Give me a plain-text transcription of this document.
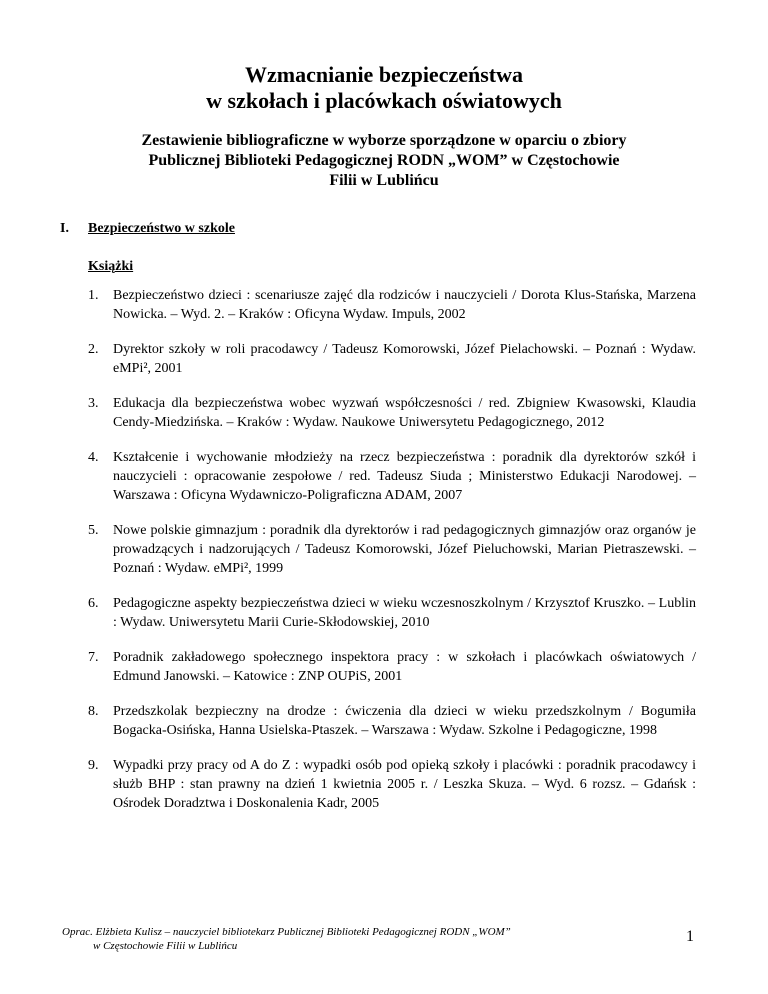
Wzmacnianie bezpieczeństwa
w szkołach i placówkach oświatowych
Zestawienie bibliograficzne w wyborze sporządzone w oparciu o zbiory
Publicznej Biblioteki Pedagogicznej RODN „WOM” w Częstochowie
Filii w Lublińcu
I. Bezpieczeństwo w szkole
Książki
1. Bezpieczeństwo dzieci : scenariusze zajęć dla rodziców i nauczycieli / Dorota Klus-Stańska, Marzena Nowicka. – Wyd. 2. – Kraków : Oficyna Wydaw. Impuls, 2002
2. Dyrektor szkoły w roli pracodawcy / Tadeusz Komorowski, Józef Pielachowski. – Poznań : Wydaw. eMPi², 2001
3. Edukacja dla bezpieczeństwa wobec wyzwań współczesności / red. Zbigniew Kwasowski, Klaudia Cendy-Miedzińska. – Kraków : Wydaw. Naukowe Uniwersytetu Pedagogicznego, 2012
4. Kształcenie i wychowanie młodzieży na rzecz bezpieczeństwa : poradnik dla dyrektorów szkół i nauczycieli : opracowanie zespołowe / red. Tadeusz Siuda ; Ministerstwo Edukacji Narodowej. – Warszawa : Oficyna Wydawniczo-Poligraficzna ADAM, 2007
5. Nowe polskie gimnazjum : poradnik dla dyrektorów i rad pedagogicznych gimnazjów oraz organów je prowadzących i nadzorujących / Tadeusz Komorowski, Józef Pieluchowski, Marian Pietraszewski. – Poznań : Wydaw. eMPi², 1999
6. Pedagogiczne aspekty bezpieczeństwa dzieci w wieku wczesnoszkolnym / Krzysztof Kruszko. – Lublin : Wydaw. Uniwersytetu Marii Curie-Skłodowskiej, 2010
7. Poradnik zakładowego społecznego inspektora pracy : w szkołach i placówkach oświatowych / Edmund Janowski. – Katowice : ZNP OUPiS, 2001
8. Przedszkolak bezpieczny na drodze : ćwiczenia dla dzieci w wieku przedszkolnym / Bogumiła Bogacka-Osińska, Hanna Usielska-Ptaszek. – Warszawa : Wydaw. Szkolne i Pedagogiczne, 1998
9. Wypadki przy pracy od A do Z : wypadki osób pod opieką szkoły i placówki : poradnik pracodawcy i służb BHP : stan prawny na dzień 1 kwietnia 2005 r. / Leszka Skuza. – Wyd. 6 rozsz. – Gdańsk : Ośrodek Doradztwa i Doskonalenia Kadr, 2005
Oprac. Elżbieta Kulisz – nauczyciel bibliotekarz Publicznej Biblioteki Pedagogicznej RODN „WOM”
w Częstochowie Filii w Lublińcu
1
